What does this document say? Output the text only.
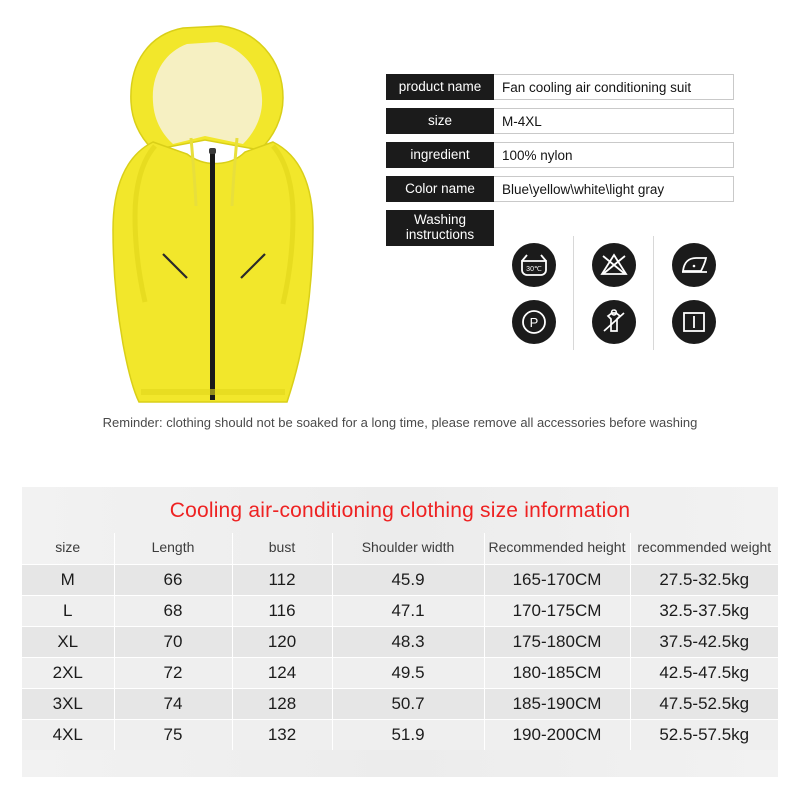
product name	Fan cooling air conditioning suit
size	M-4XL
ingredient	100% nylon
Color name	Blue\yellow\white\light gray
Washing instructions
30℃
P
Reminder: clothing should not be soaked for a long time, please remove all accessories before washing
Cooling air-conditioning clothing size information
size	Length	bust	Shoulder width	Recommended height	recommended weight
M	66	112	45.9	165-170CM	27.5-32.5kg
L	68	116	47.1	170-175CM	32.5-37.5kg
XL	70	120	48.3	175-180CM	37.5-42.5kg
2XL	72	124	49.5	180-185CM	42.5-47.5kg
3XL	74	128	50.7	185-190CM	47.5-52.5kg
4XL	75	132	51.9	190-200CM	52.5-57.5kg
